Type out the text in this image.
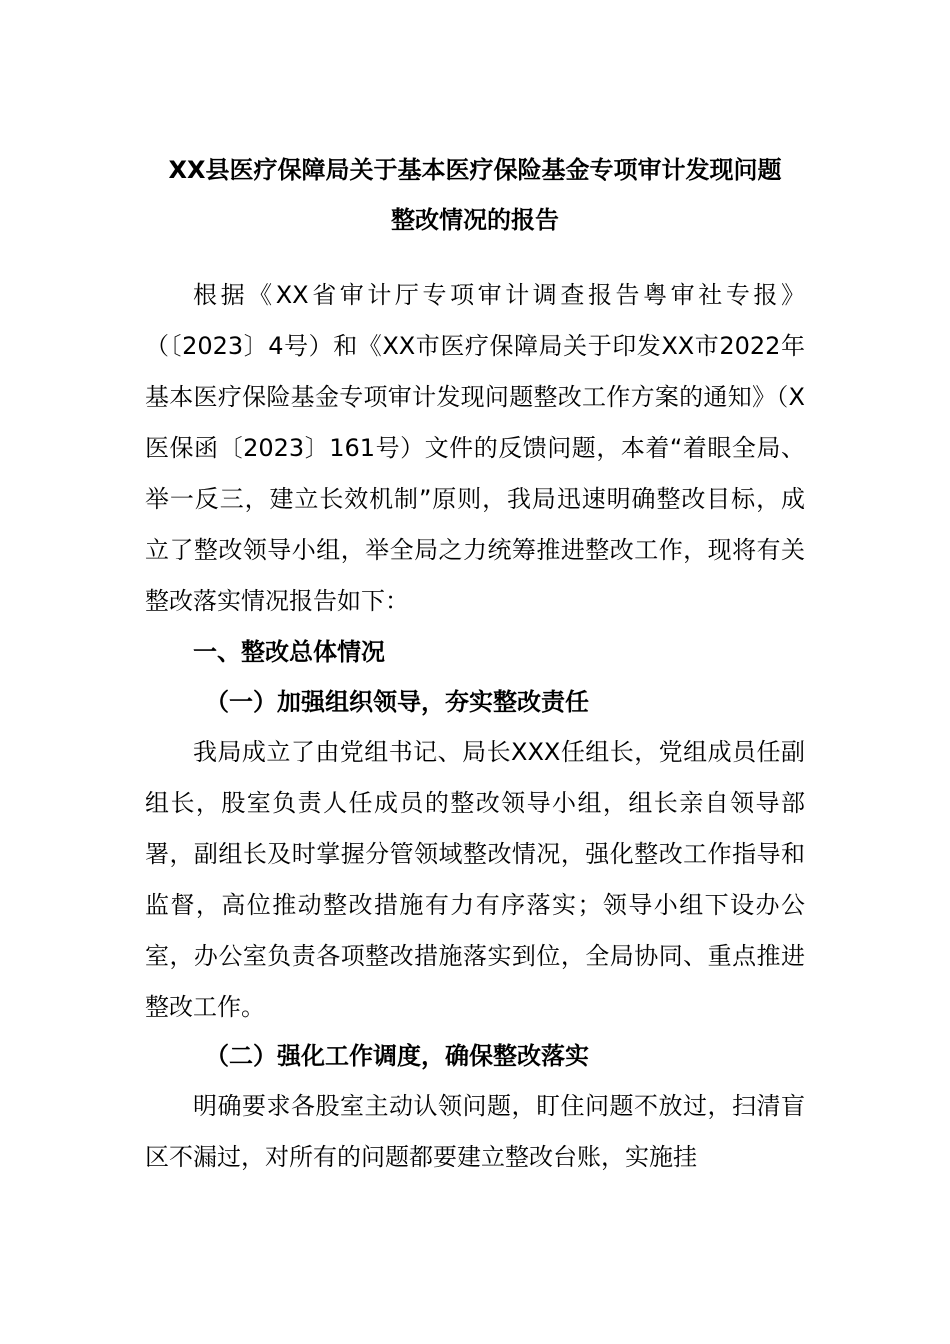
XX县医疗保障局关于基本医疗保险基金专项审计发现问题
整改情况的报告

根据《XX省审计厅专项审计调查报告粤审社专报》（〔2023〕4号）和《XX市医疗保障局关于印发XX市2022年基本医疗保险基金专项审计发现问题整改工作方案的通知》（X医保函〔2023〕161号）文件的反馈问题，本着“着眼全局、举一反三，建立长效机制”原则，我局迅速明确整改目标，成立了整改领导小组，举全局之力统筹推进整改工作，现将有关整改落实情况报告如下：

一、整改总体情况
（一）加强组织领导，夯实整改责任

我局成立了由党组书记、局长XXX任组长，党组成员任副组长，股室负责人任成员的整改领导小组，组长亲自领导部署，副组长及时掌握分管领域整改情况，强化整改工作指导和监督，高位推动整改措施有力有序落实；领导小组下设办公室，办公室负责各项整改措施落实到位，全局协同、重点推进整改工作。

（二）强化工作调度，确保整改落实

明确要求各股室主动认领问题，盯住问题不放过，扫清盲区不漏过，对所有的问题都要建立整改台账，实施挂
